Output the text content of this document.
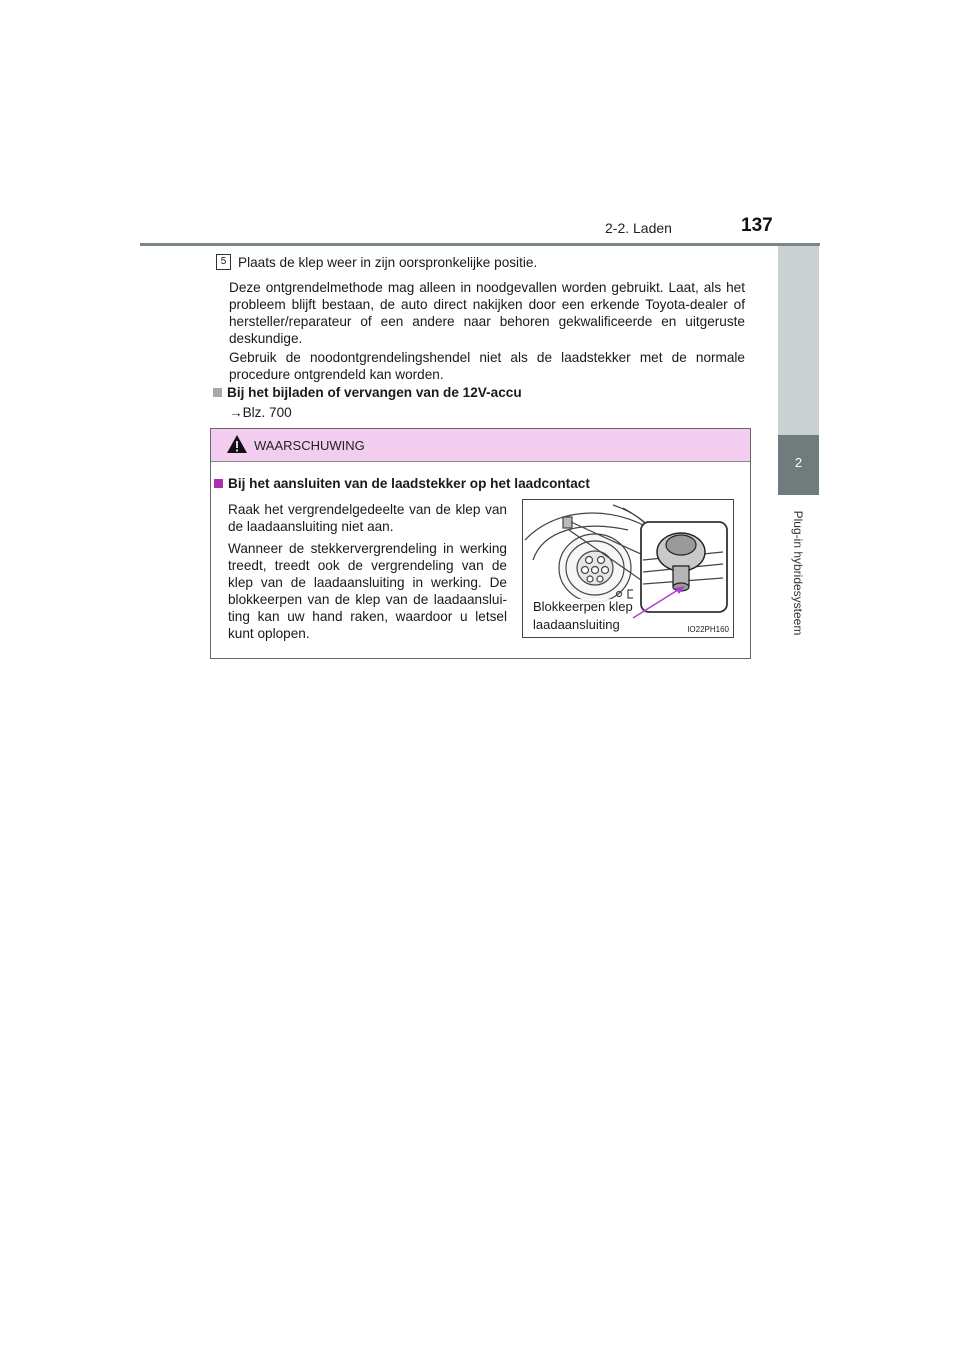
2-2. Laden	137
2
Plug-in hybridesysteem
5 Plaats de klep weer in zijn oorspronkelijke positie.
Deze ontgrendelmethode mag alleen in noodgevallen worden gebruikt. Laat, als het probleem blijft bestaan, de auto direct nakijken door een erkende Toyota-dealer of hersteller/reparateur of een andere naar behoren gekwalificeerde en uitgeruste deskundige.
Gebruik de noodontgrendelingshendel niet als de laadstekker met de normale procedure ontgrendeld kan worden.
Bij het bijladen of vervangen van de 12V-accu
→Blz. 700
WAARSCHUWING
Bij het aansluiten van de laadstekker op het laadcontact
Raak het vergrendelgedeelte van de klep van de laadaansluiting niet aan.
Wanneer de stekkervergrendeling in werking treedt, treedt ook de vergrendeling van de klep van de laadaansluiting in werking. De blokkeerpen van de klep van de laadaanslui-ting kan uw hand raken, waardoor u letsel kunt oplopen.
Blokkeerpen klep
laadaansluiting	IO22PH160
